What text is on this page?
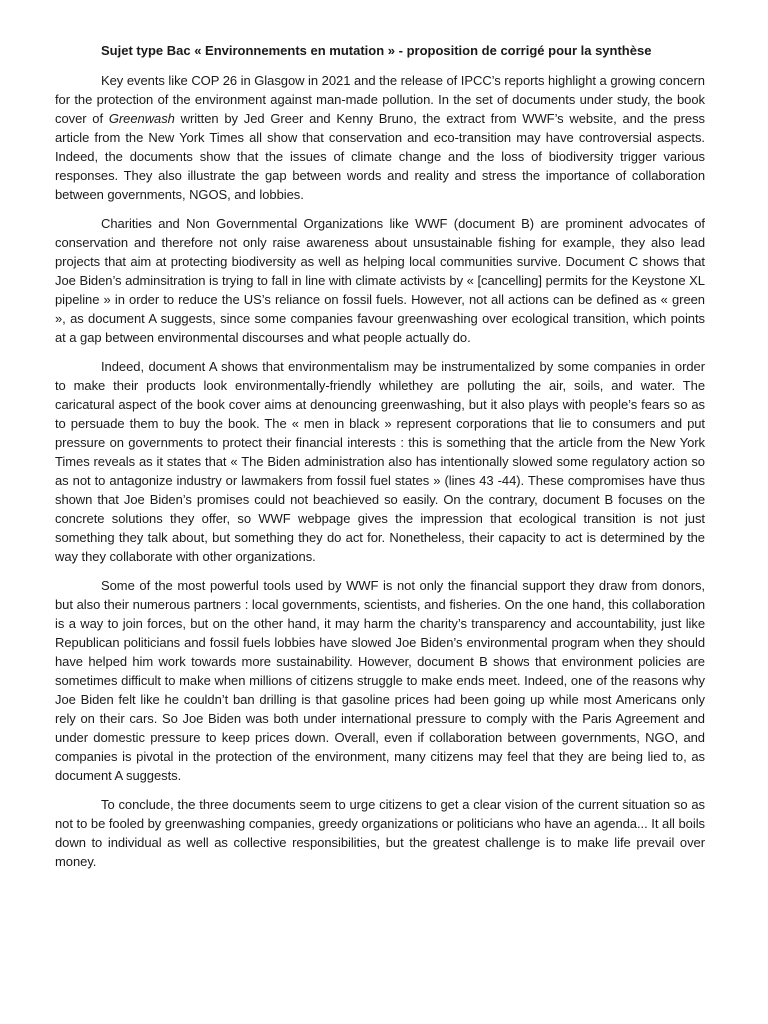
Sujet type Bac « Environnements en mutation » - proposition de corrigé pour la synthèse

Key events like COP 26 in Glasgow in 2021 and the release of IPCC’s reports highlight a growing concern for the protection of the environment against man-made pollution. In the set of documents under study, the book cover of Greenwash written by Jed Greer and Kenny Bruno, the extract from WWF’s website, and the press article from the New York Times all show that conservation and eco-transition may have controversial aspects. Indeed, the documents show that the issues of climate change and the loss of biodiversity trigger various responses. They also illustrate the gap between words and reality and stress the importance of collaboration between governments, NGOS, and lobbies.

Charities and Non Governmental Organizations like WWF (document B) are prominent advocates of conservation and therefore not only raise awareness about unsustainable fishing for example, they also lead projects that aim at protecting biodiversity as well as helping local communities survive. Document C shows that Joe Biden’s adminsitration is trying to fall in line with climate activists by « [cancelling] permits for the Keystone XL pipeline » in order to reduce the US’s reliance on fossil fuels. However, not all actions can be defined as « green », as document A suggests, since some companies favour greenwashing over ecological transition, which points at a gap between environmental discourses and what people actually do.

Indeed, document A shows that environmentalism may be instrumentalized by some companies in order to make their products look environmentally-friendly whilethey are polluting the air, soils, and water. The caricatural aspect of the book cover aims at denouncing greenwashing, but it also plays with people’s fears so as to persuade them to buy the book. The « men in black » represent corporations that lie to consumers and put pressure on governments to protect their financial interests : this is something that the article from the New York Times reveals as it states that « The Biden administration also has intentionally slowed some regulatory action so as not to antagonize industry or lawmakers from fossil fuel states » (lines 43 -44). These compromises have thus shown that Joe Biden’s promises could not beachieved so easily. On the contrary, document B focuses on the concrete solutions they offer, so WWF webpage gives the impression that ecological transition is not just something they talk about, but something they do act for. Nonetheless, their capacity to act is determined by the way they collaborate with other organizations.

Some of the most powerful tools used by WWF is not only the financial support they draw from donors, but also their numerous partners : local governments, scientists, and fisheries. On the one hand, this collaboration is a way to join forces, but on the other hand, it may harm the charity’s transparency and accountability, just like Republican politicians and fossil fuels lobbies have slowed Joe Biden’s environmental program when they should have helped him work towards more sustainability. However, document B shows that environment policies are sometimes difficult to make when millions of citizens struggle to make ends meet. Indeed, one of the reasons why Joe Biden felt like he couldn’t ban drilling is that gasoline prices had been going up while most Americans only rely on their cars. So Joe Biden was both under international pressure to comply with the Paris Agreement and under domestic pressure to keep prices down. Overall, even if collaboration between governments, NGO, and companies is pivotal in the protection of the environment, many citizens may feel that they are being lied to, as document A suggests.

To conclude, the three documents seem to urge citizens to get a clear vision of the current situation so as not to be fooled by greenwashing companies, greedy organizations or politicians who have an agenda... It all boils down to individual as well as collective responsibilities, but the greatest challenge is to make life prevail over money.
